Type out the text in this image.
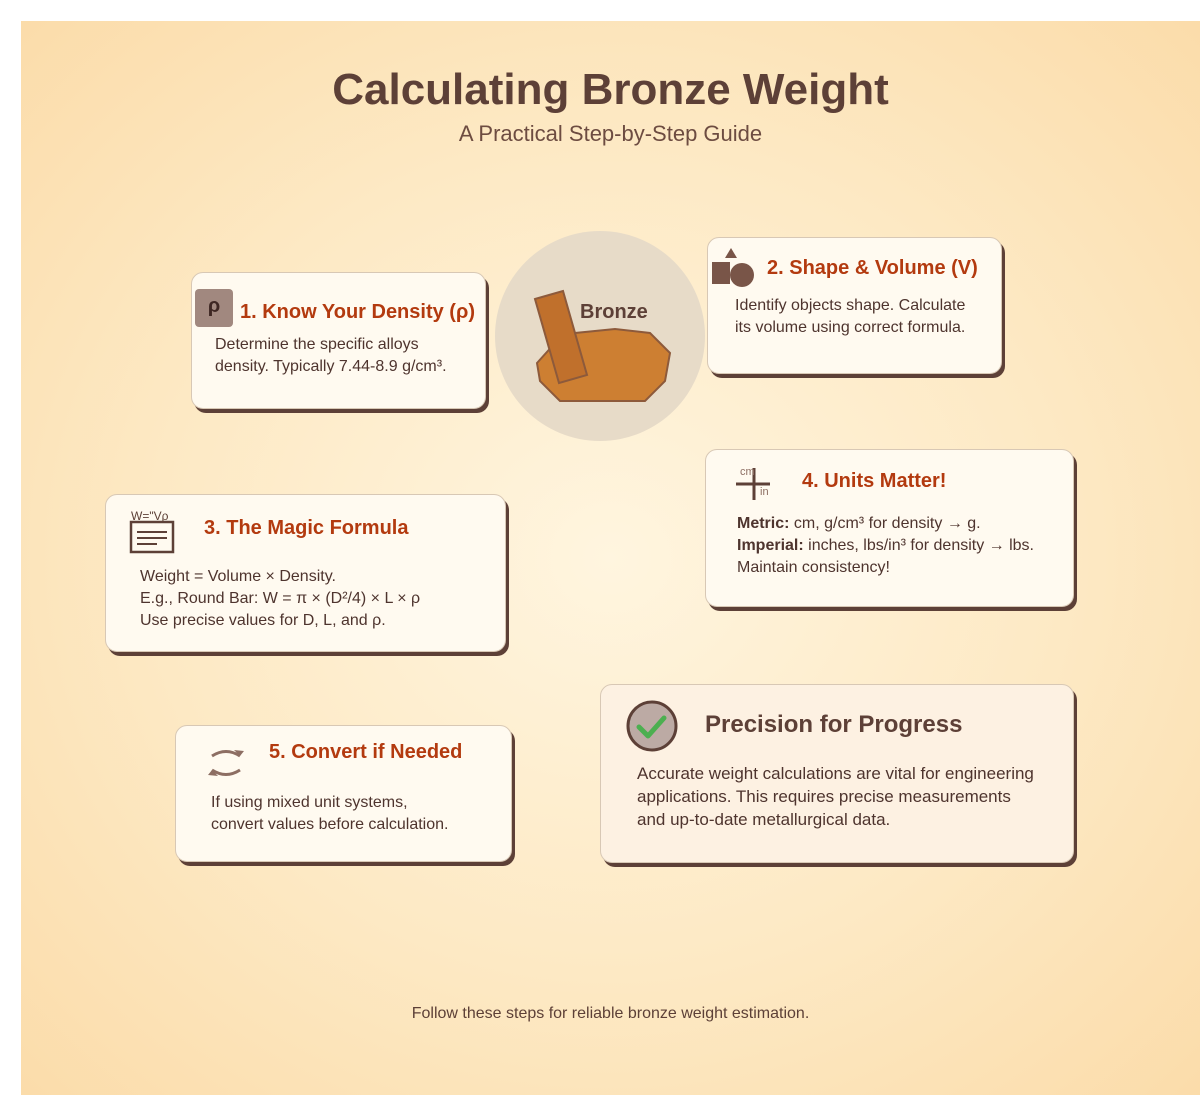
Calculating Bronze Weight
A Practical Step-by-Step Guide
Bronze
ρ 1. Know Your Density (ρ)
Determine the specific alloys
density. Typically 7.44-8.9 g/cm³.
2. Shape & Volume (V)
Identify objects shape. Calculate
its volume using correct formula.
W="Vρ
3. The Magic Formula
Weight = Volume × Density.
E.g., Round Bar: W = π × (D²/4) × L × ρ
Use precise values for D, L, and ρ.
cm
in 4. Units Matter!
Metric: cm, g/cm³ for density → g.
Imperial: inches, lbs/in³ for density → lbs.
Maintain consistency!
5. Convert if Needed
If using mixed unit systems,
convert values before calculation.
Precision for Progress
Accurate weight calculations are vital for engineering
applications. This requires precise measurements
and up-to-date metallurgical data.
Follow these steps for reliable bronze weight estimation.
